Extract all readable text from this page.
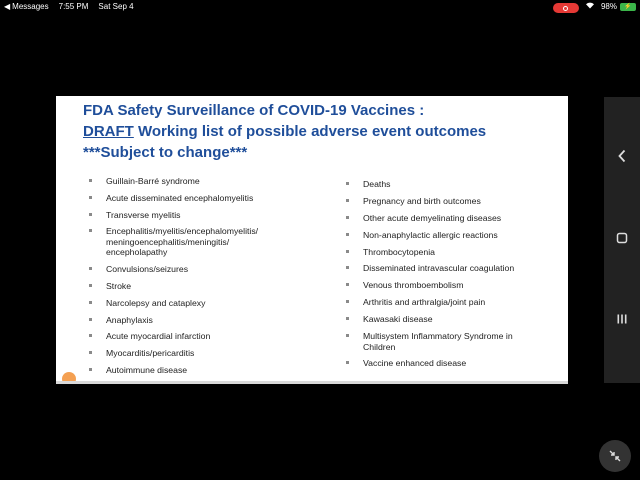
◀ Messages 7:55 PM Sat Sep 4	98%	⚡
FDA Safety Surveillance of COVID-19 Vaccines :
DRAFT Working list of possible adverse event outcomes
***Subject to change***
Guillain-Barré syndrome
Acute disseminated encephalomyelitis
Transverse myelitis
Encephalitis/myelitis/encephalomyelitis/ meningoencephalitis/meningitis/ encepholapathy
Convulsions/seizures
Stroke
Narcolepsy and cataplexy
Anaphylaxis
Acute myocardial infarction
Myocarditis/pericarditis
Autoimmune disease
Deaths
Pregnancy and birth outcomes
Other acute demyelinating diseases
Non-anaphylactic allergic reactions
Thrombocytopenia
Disseminated intravascular coagulation
Venous thromboembolism
Arthritis and arthralgia/joint pain
Kawasaki disease
Multisystem Inflammatory Syndrome in Children
Vaccine enhanced disease
